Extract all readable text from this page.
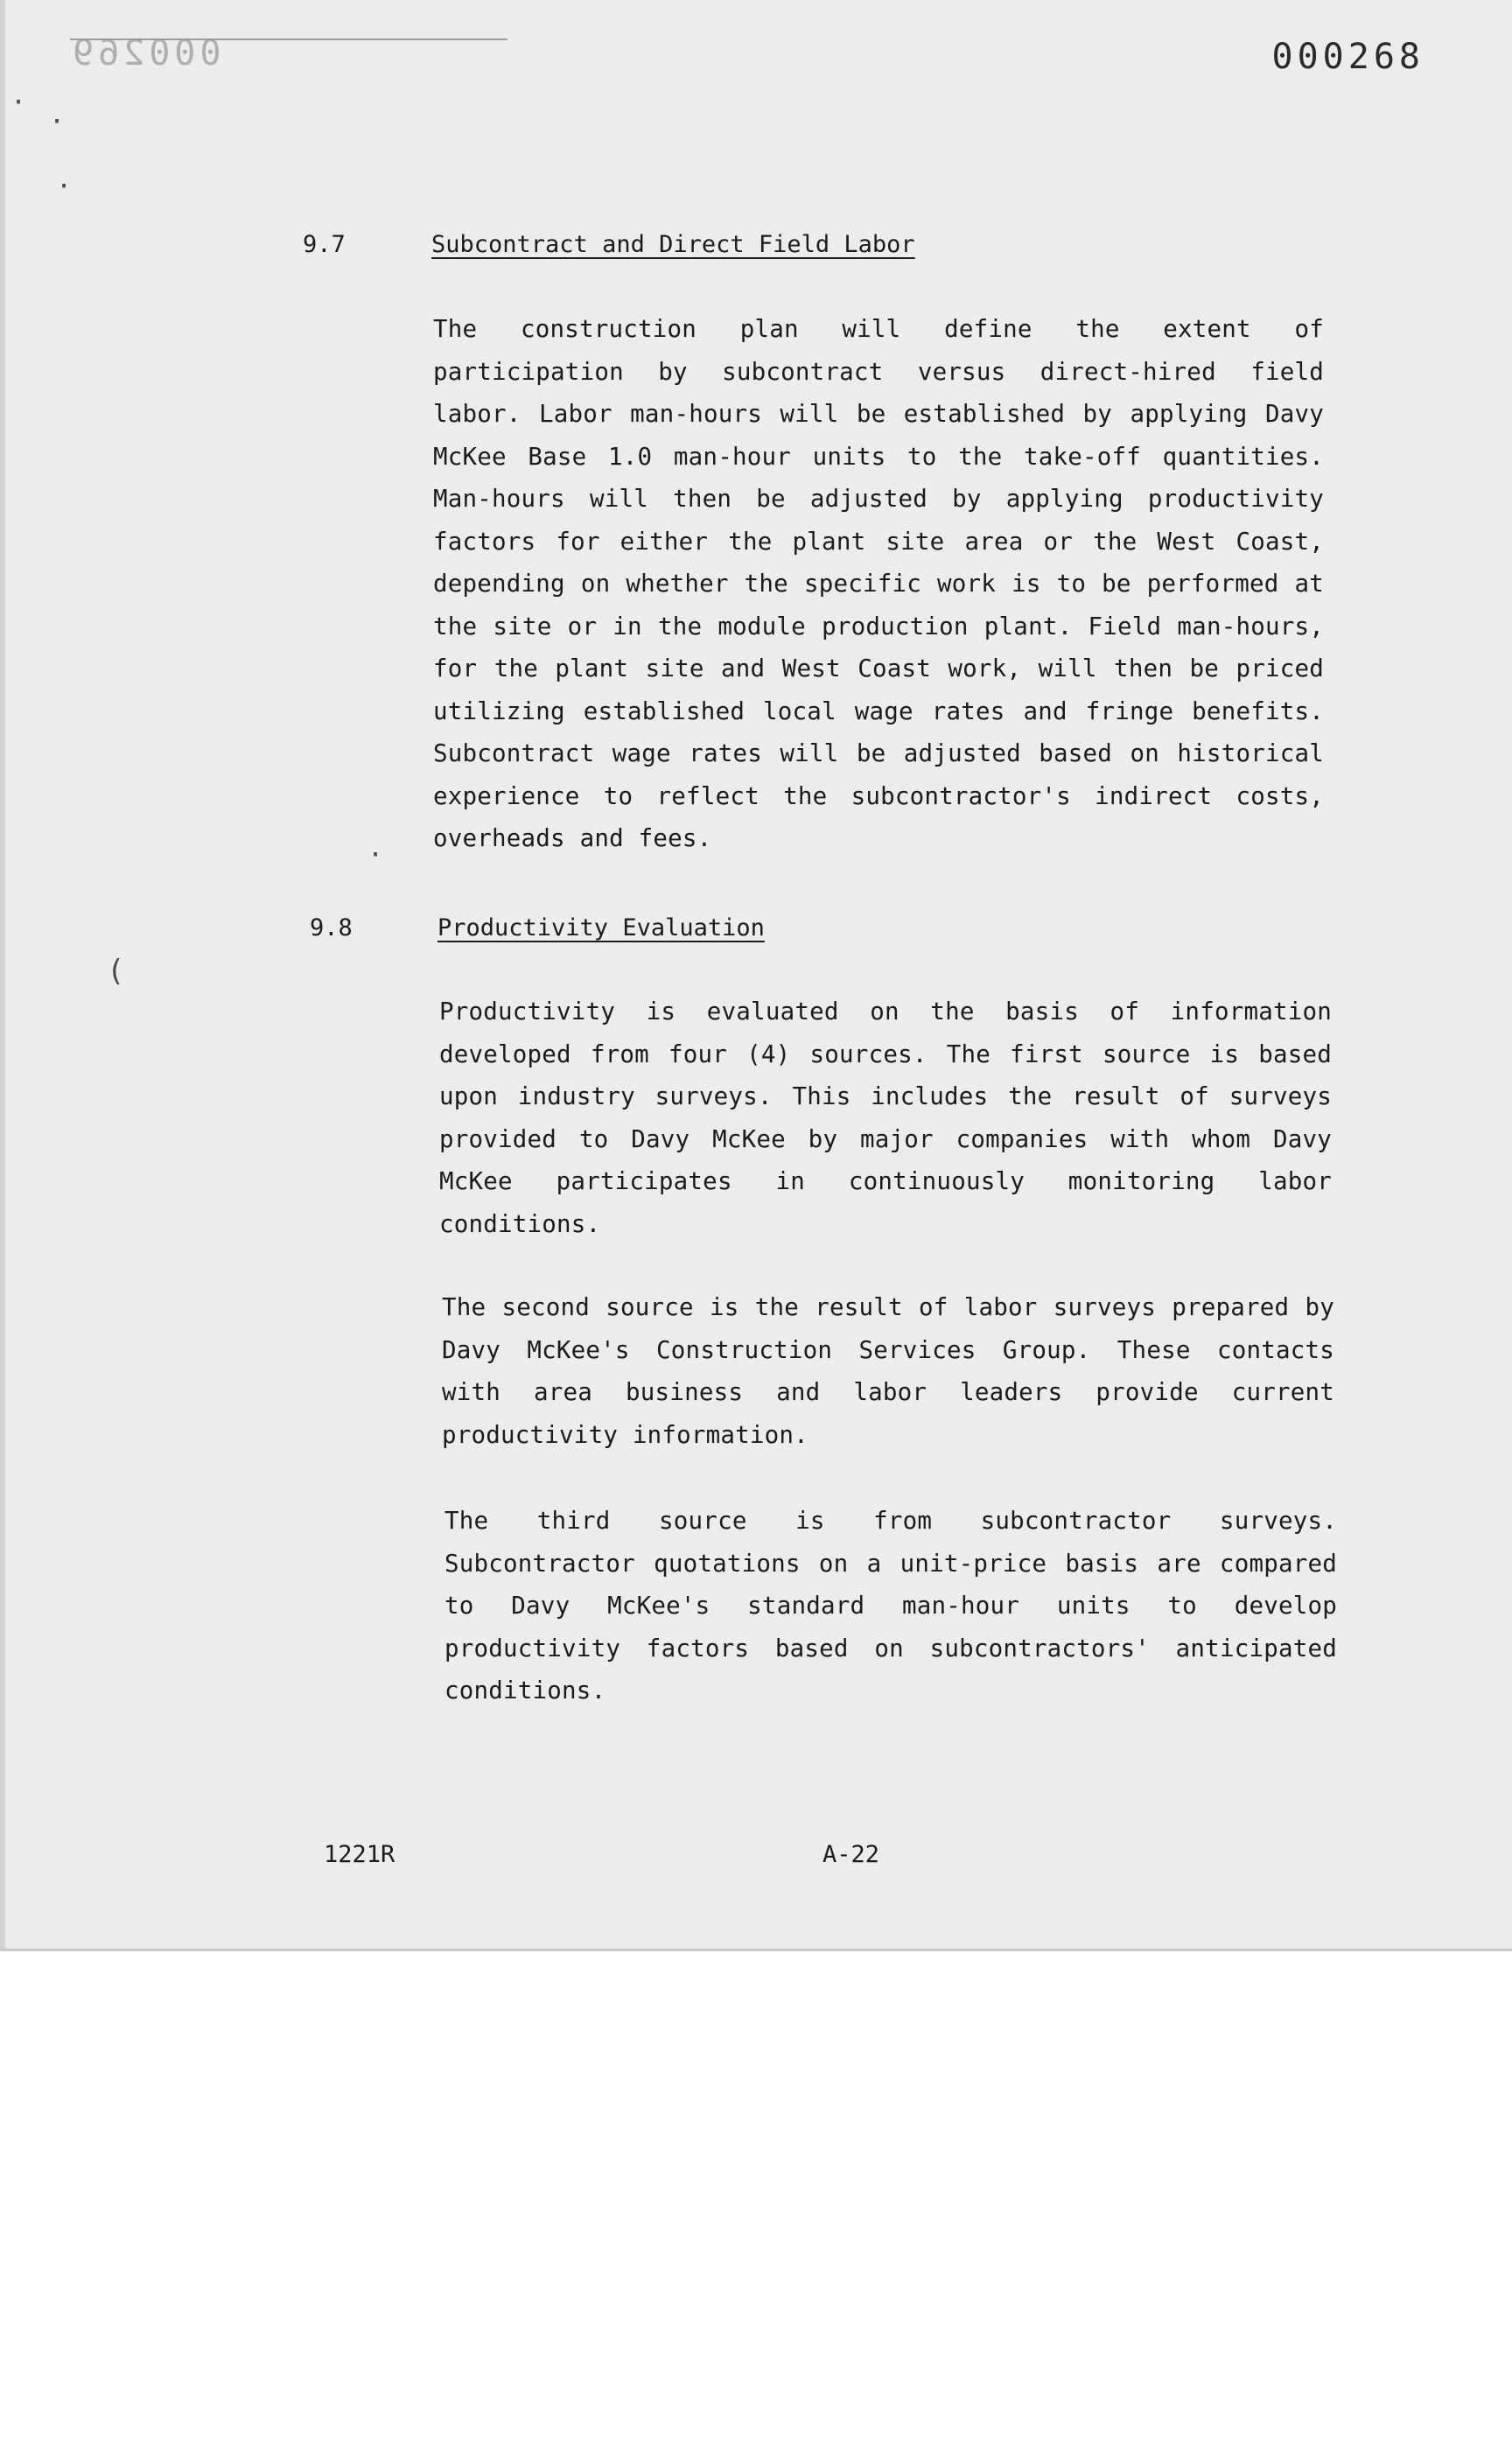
000269	000268
·
·
·
(
·
9.7	Subcontract and Direct Field Labor

The construction plan will define the extent of participation by subcontract versus direct-hired field labor. Labor man-hours will be established by applying Davy McKee Base 1.0 man-hour units to the take-off quantities. Man-hours will then be adjusted by applying productivity factors for either the plant site area or the West Coast, depending on whether the specific work is to be performed at the site or in the module production plant. Field man-hours, for the plant site and West Coast work, will then be priced utilizing established local wage rates and fringe benefits. Subcontract wage rates will be adjusted based on historical experience to reflect the subcontractor's indirect costs, overheads and fees.

9.8	Productivity Evaluation

Productivity is evaluated on the basis of information developed from four (4) sources. The first source is based upon industry surveys. This includes the result of surveys provided to Davy McKee by major companies with whom Davy McKee participates in continuously monitoring labor conditions.

The second source is the result of labor surveys prepared by Davy McKee's Construction Services Group. These contacts with area business and labor leaders provide current productivity information.

The third source is from subcontractor surveys. Subcontractor quotations on a unit-price basis are compared to Davy McKee's standard man-hour units to develop productivity factors based on subcontractors' anticipated conditions.

1221R	A-22
